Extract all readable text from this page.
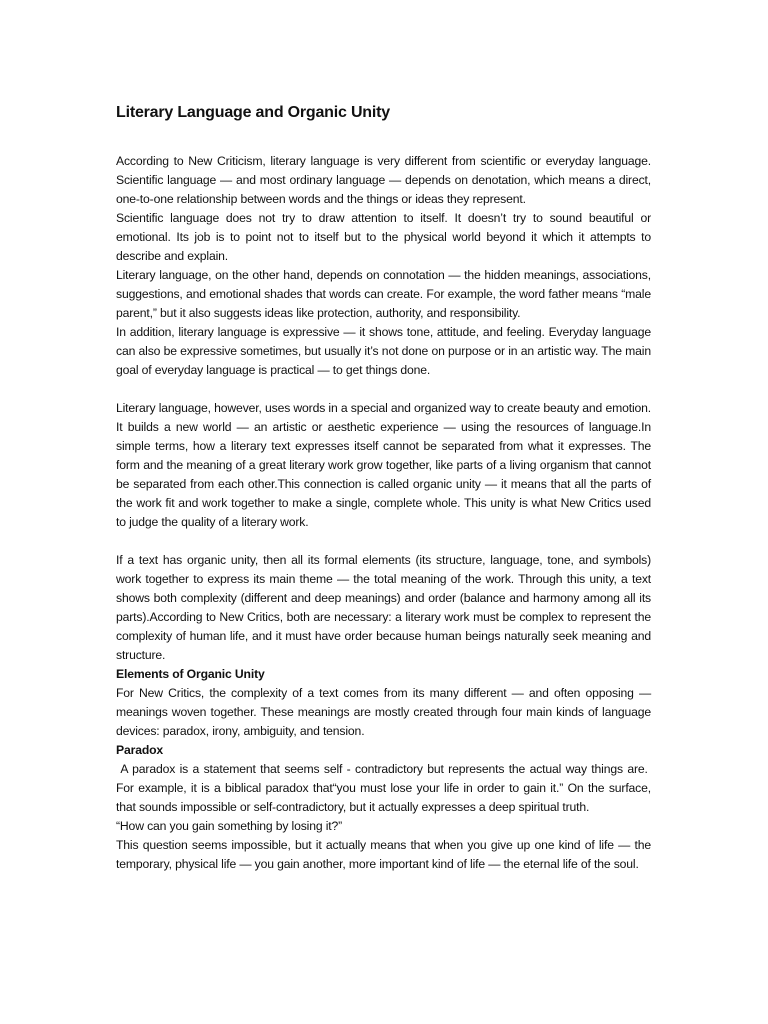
Literary Language and Organic Unity

According to New Criticism, literary language is very different from scientific or everyday language. Scientific language — and most ordinary language — depends on denotation, which means a direct, one-to-one relationship between words and the things or ideas they represent.

Scientific language does not try to draw attention to itself. It doesn’t try to sound beautiful or emotional. Its job is to point not to itself but to the physical world beyond it which it attempts to describe and explain.

Literary language, on the other hand, depends on connotation — the hidden meanings, associations, suggestions, and emotional shades that words can create. For example, the word father means “male parent,” but it also suggests ideas like protection, authority, and responsibility.

In addition, literary language is expressive — it shows tone, attitude, and feeling. Everyday language can also be expressive sometimes, but usually it’s not done on purpose or in an artistic way. The main goal of everyday language is practical — to get things done.

Literary language, however, uses words in a special and organized way to create beauty and emotion. It builds a new world — an artistic or aesthetic experience — using the resources of language.In simple terms, how a literary text expresses itself cannot be separated from what it expresses. The form and the meaning of a great literary work grow together, like parts of a living organism that cannot be separated from each other.This connection is called organic unity — it means that all the parts of the work fit and work together to make a single, complete whole. This unity is what New Critics used to judge the quality of a literary work.

If a text has organic unity, then all its formal elements (its structure, language, tone, and symbols) work together to express its main theme — the total meaning of the work. Through this unity, a text shows both complexity (different and deep meanings) and order (balance and harmony among all its parts).According to New Critics, both are necessary: a literary work must be complex to represent the complexity of human life, and it must have order because human beings naturally seek meaning and structure.

Elements of Organic Unity

For New Critics, the complexity of a text comes from its many different — and often opposing — meanings woven together. These meanings are mostly created through four main kinds of language devices: paradox, irony, ambiguity, and tension.

Paradox

A paradox is a statement that seems self - contradictory but represents the actual way things are.  For example, it is a biblical paradox that“you must lose your life in order to gain it.” On the surface, that sounds impossible or self-contradictory, but it actually expresses a deep spiritual truth.

“How can you gain something by losing it?”

This question seems impossible, but it actually means that when you give up one kind of life — the temporary, physical life — you gain another, more important kind of life — the eternal life of the soul.
